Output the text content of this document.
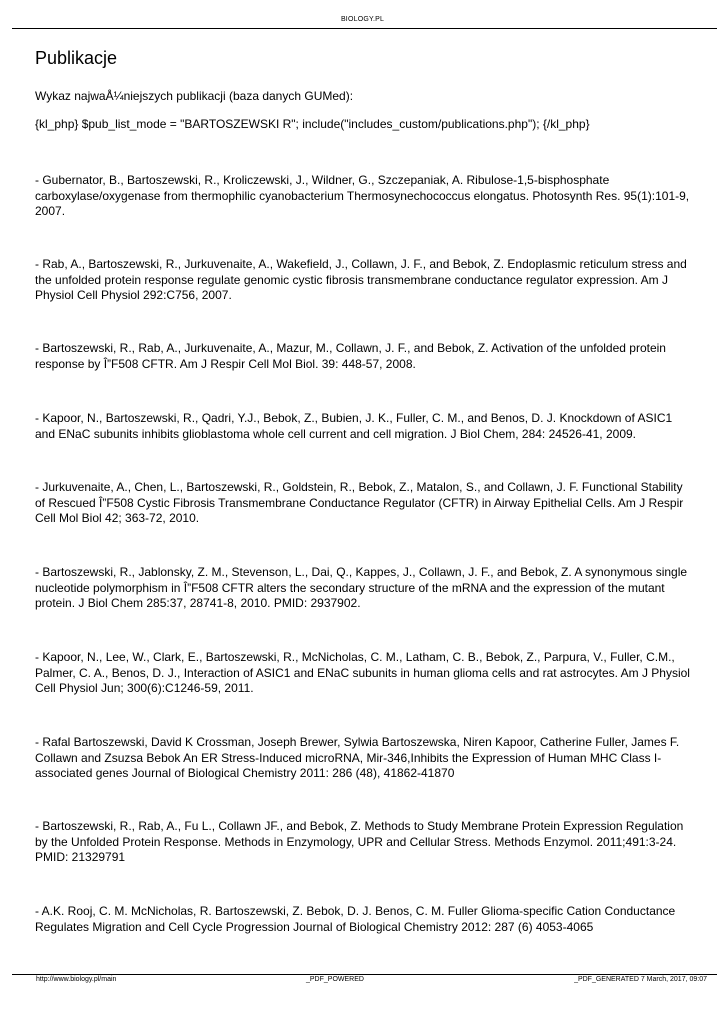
BIOLOGY.PL
Publikacje
Wykaz najwaÅ¼niejszych publikacji (baza danych GUMed):
{kl_php} $pub_list_mode = "BARTOSZEWSKI R"; include("includes_custom/publications.php"); {/kl_php}
- Gubernator, B., Bartoszewski, R., Kroliczewski, J., Wildner, G., Szczepaniak, A. Ribulose-1,5-bisphosphate carboxylase/oxygenase from thermophilic cyanobacterium Thermosynechococcus elongatus. Photosynth Res. 95(1):101-9, 2007.
- Rab, A., Bartoszewski, R., Jurkuvenaite, A., Wakefield, J., Collawn, J. F., and Bebok, Z. Endoplasmic reticulum stress and the unfolded protein response regulate genomic cystic fibrosis transmembrane conductance regulator expression. Am J Physiol Cell Physiol 292:C756, 2007.
- Bartoszewski, R., Rab, A., Jurkuvenaite, A., Mazur, M., Collawn, J. F., and Bebok, Z. Activation of the unfolded protein response by Î”F508 CFTR. Am J Respir Cell Mol Biol. 39: 448-57, 2008.
- Kapoor, N., Bartoszewski, R., Qadri, Y.J., Bebok, Z., Bubien, J. K., Fuller, C. M., and Benos, D. J. Knockdown of ASIC1 and ENaC subunits inhibits glioblastoma whole cell current and cell migration. J Biol Chem, 284: 24526-41, 2009.
- Jurkuvenaite, A., Chen, L., Bartoszewski, R., Goldstein, R., Bebok, Z., Matalon, S., and Collawn, J. F. Functional Stability of Rescued Î”F508 Cystic Fibrosis Transmembrane Conductance Regulator (CFTR) in Airway Epithelial Cells. Am J Respir Cell Mol Biol 42; 363-72, 2010.
- Bartoszewski, R., Jablonsky, Z. M., Stevenson, L., Dai, Q., Kappes, J., Collawn, J. F., and Bebok, Z. A synonymous single nucleotide polymorphism in Î”F508 CFTR alters the secondary structure of the mRNA and the expression of the mutant protein. J Biol Chem 285:37, 28741-8, 2010. PMID: 2937902.
- Kapoor, N., Lee, W., Clark, E., Bartoszewski, R., McNicholas, C. M., Latham, C. B., Bebok, Z., Parpura, V., Fuller, C.M., Palmer, C. A., Benos, D. J., Interaction of ASIC1 and ENaC subunits in human glioma cells and rat astrocytes. Am J Physiol Cell Physiol Jun; 300(6):C1246-59, 2011.
- Rafal Bartoszewski, David K Crossman, Joseph Brewer, Sylwia Bartoszewska, Niren Kapoor, Catherine Fuller, James F. Collawn and Zsuzsa Bebok An ER Stress-Induced microRNA, Mir-346,Inhibits the Expression of Human MHC Class I-associated genes Journal of Biological Chemistry 2011: 286 (48), 41862-41870
- Bartoszewski, R., Rab, A., Fu L., Collawn JF., and Bebok, Z. Methods to Study Membrane Protein Expression Regulation by the Unfolded Protein Response. Methods in Enzymology, UPR and Cellular Stress. Methods Enzymol. 2011;491:3-24. PMID: 21329791
- A.K. Rooj, C. M. McNicholas, R. Bartoszewski, Z. Bebok, D. J. Benos, C. M. Fuller Glioma-specific Cation Conductance Regulates Migration and Cell Cycle Progression Journal of Biological Chemistry 2012: 287 (6) 4053-4065
http://www.biology.pl/main	_PDF_POWERED	_PDF_GENERATED 7 March, 2017, 09:07
